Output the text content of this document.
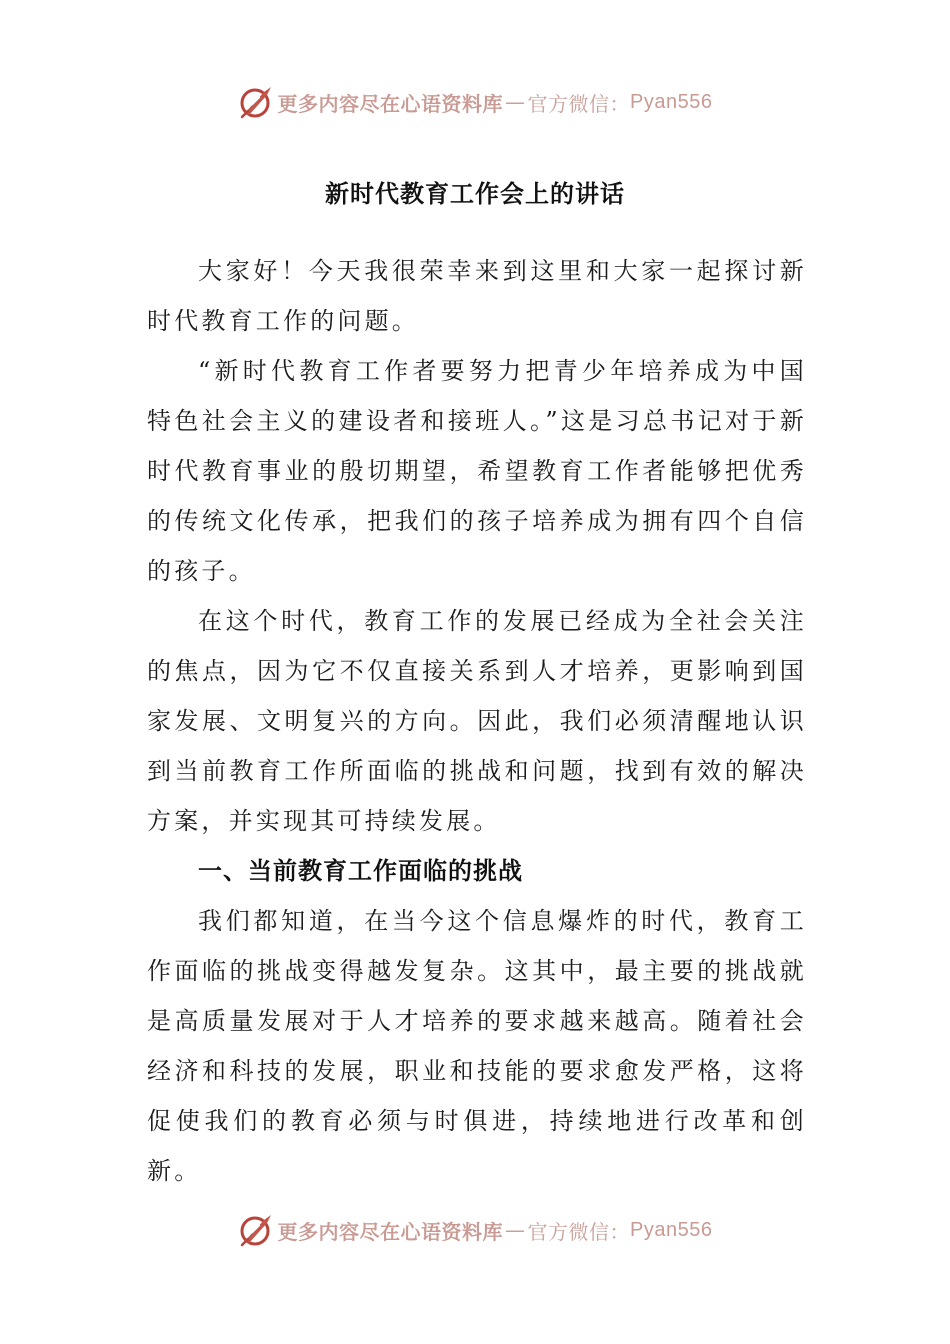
更多内容尽在心语资料库 — 官方微信： Pyan556
新时代教育工作会上的讲话

大家好！今天我很荣幸来到这里和大家一起探讨新时代教育工作的问题。

“新时代教育工作者要努力把青少年培养成为中国特色社会主义的建设者和接班人。”这是习总书记对于新时代教育事业的殷切期望，希望教育工作者能够把优秀的传统文化传承，把我们的孩子培养成为拥有四个自信的孩子。

在这个时代，教育工作的发展已经成为全社会关注的焦点，因为它不仅直接关系到人才培养，更影响到国家发展、文明复兴的方向。因此，我们必须清醒地认识到当前教育工作所面临的挑战和问题，找到有效的解决方案，并实现其可持续发展。

一、当前教育工作面临的挑战

我们都知道，在当今这个信息爆炸的时代，教育工作面临的挑战变得越发复杂。这其中，最主要的挑战就是高质量发展对于人才培养的要求越来越高。随着社会经济和科技的发展，职业和技能的要求愈发严格，这将促使我们的教育必须与时俱进，持续地进行改革和创新。

更多内容尽在心语资料库 — 官方微信： Pyan556
